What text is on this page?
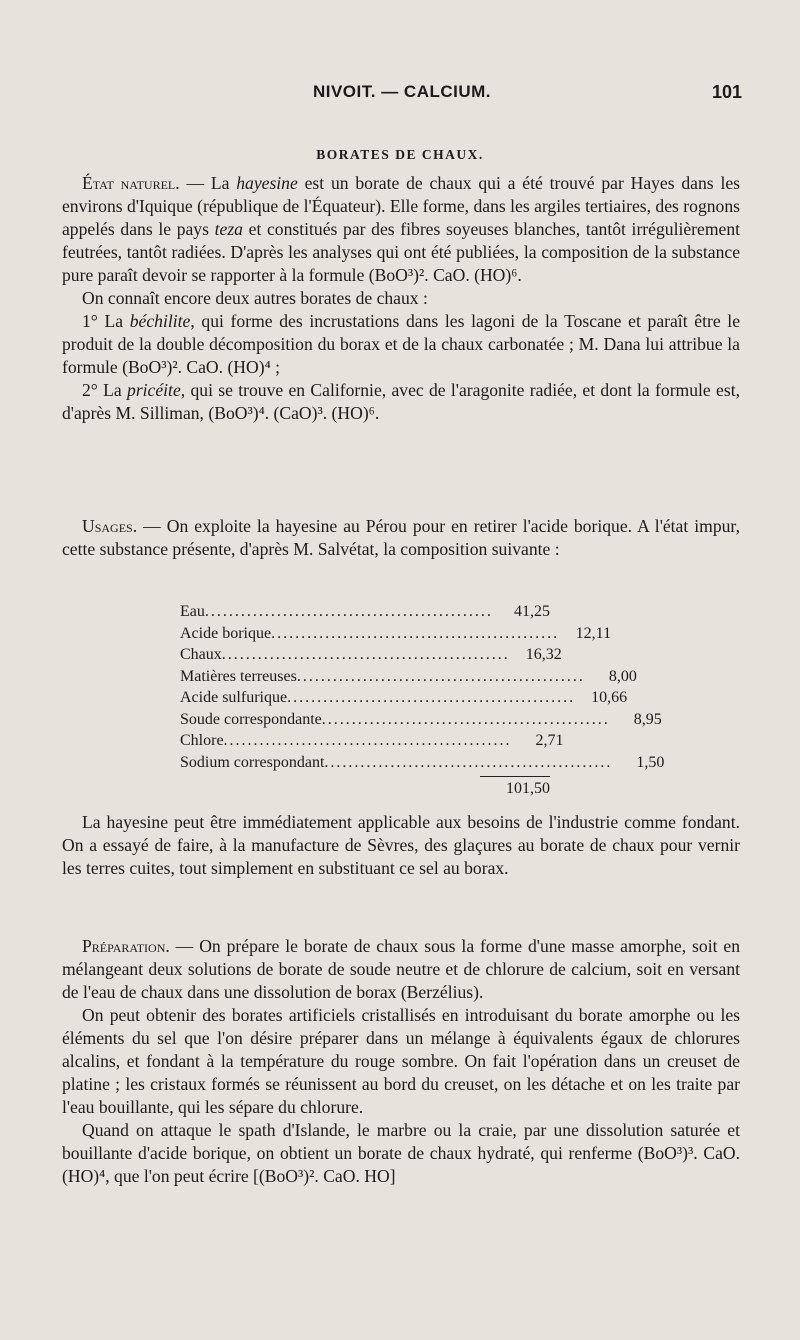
NIVOIT. — CALCIUM.	101
BORATES DE CHAUX.

État naturel. — La hayesine est un borate de chaux qui a été trouvé par Hayes dans les environs d'Iquique (république de l'Équateur). Elle forme, dans les argiles tertiaires, des rognons appelés dans le pays teza et constitués par des fibres soyeuses blanches, tantôt irrégulièrement feutrées, tantôt radiées. D'après les analyses qui ont été publiées, la composition de la substance pure paraît devoir se rapporter à la formule (BoO³)². CaO. (HO)⁶.

On connaît encore deux autres borates de chaux :

1° La béchilite, qui forme des incrustations dans les lagoni de la Toscane et paraît être le produit de la double décomposition du borax et de la chaux carbonatée ; M. Dana lui attribue la formule (BoO³)². CaO. (HO)⁴ ;

2° La pricéite, qui se trouve en Californie, avec de l'aragonite radiée, et dont la formule est, d'après M. Silliman, (BoO³)⁴. (CaO)³. (HO)⁶.

Usages. — On exploite la hayesine au Pérou pour en retirer l'acide borique. A l'état impur, cette substance présente, d'après M. Salvétat, la composition suivante :

Eau ................................................	41,25
Acide borique ................................................	12,11
Chaux ................................................	16,32
Matières terreuses ................................................	8,00
Acide sulfurique ................................................	10,66
Soude correspondante ................................................	8,95
Chlore ................................................	2,71
Sodium correspondant ................................................	1,50
101,50

La hayesine peut être immédiatement applicable aux besoins de l'industrie comme fondant. On a essayé de faire, à la manufacture de Sèvres, des glaçures au borate de chaux pour vernir les terres cuites, tout simplement en substituant ce sel au borax.

Préparation. — On prépare le borate de chaux sous la forme d'une masse amorphe, soit en mélangeant deux solutions de borate de soude neutre et de chlorure de calcium, soit en versant de l'eau de chaux dans une dissolution de borax (Berzélius).

On peut obtenir des borates artificiels cristallisés en introduisant du borate amorphe ou les éléments du sel que l'on désire préparer dans un mélange à équivalents égaux de chlorures alcalins, et fondant à la température du rouge sombre. On fait l'opération dans un creuset de platine ; les cristaux formés se réunissent au bord du creuset, on les détache et on les traite par l'eau bouillante, qui les sépare du chlorure.

Quand on attaque le spath d'Islande, le marbre ou la craie, par une dissolution saturée et bouillante d'acide borique, on obtient un borate de chaux hydraté, qui renferme (BoO³)³. CaO. (HO)⁴, que l'on peut écrire [(BoO³)². CaO. HO]
